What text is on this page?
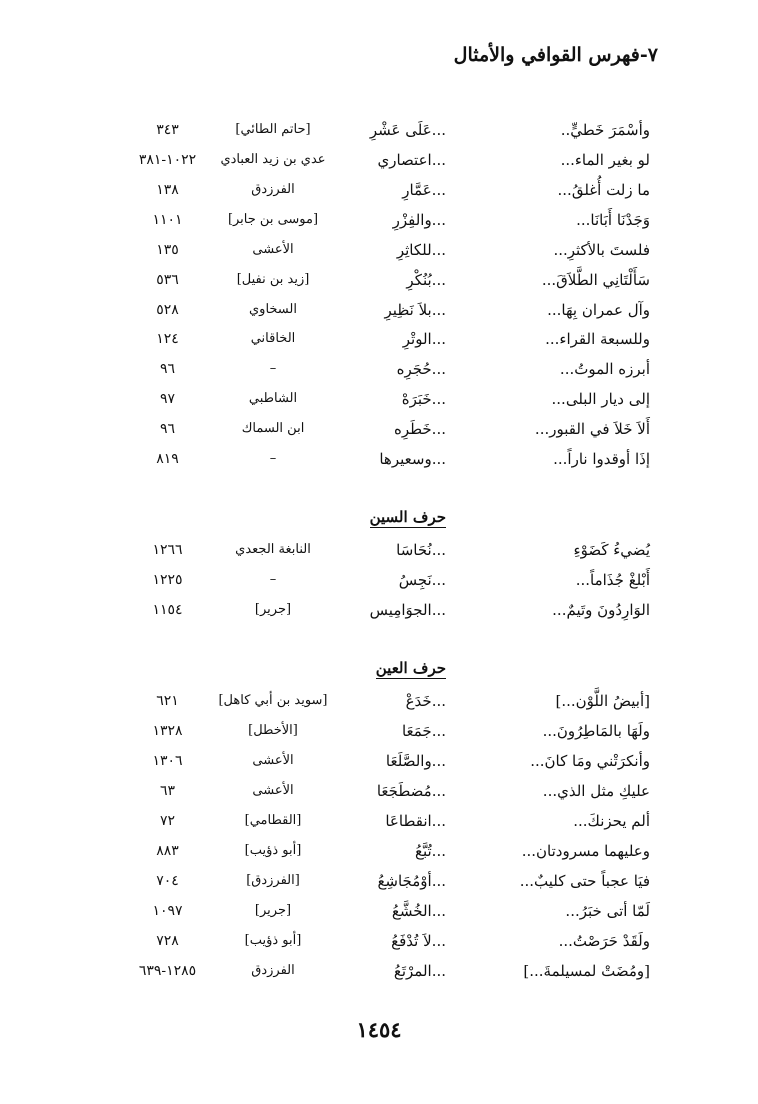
٧-فهرس القوافي والأمثال
وأسْمَرَ خَطيٍّ..
...عَلَى عَشْرِ
[حاتم الطائي]
٣٤٣
لو بغير الماء...
...اعتصاري
عدي بن زيد العبادي
١٠٢٢-٣٨١
ما زلت أُغلقُ...
...عَمَّارِ
الفرزدق
١٣٨
وَجَدْنَا أَبَانَا...
...والفِزْرِ
[موسى بن جابر]
١١٠١
فلستَ بالأكثرِ...
...للكاثِرِ
الأعشى
١٣٥
سَأَلْتَانِي الطَّلاَقَ...
...بُنُكْرِ
[زيد بن نفيل]
٥٣٦
وآل عمران بِهَا...
...بلاَ نَظِيرِ
السخاوي
٥٢٨
وللسبعة القراء...
...الوتْرِ
الخاقاني
١٢٤
أبرزه الموتُ...
...حُجَرِه
–
٩٦
إلى ديار البلى...
...خَبَرَهْ
الشاطبي
٩٧
أَلاَ خَلاَ في القبور...
...خَطَرِه
ابن السماك
٩٦
إذَا أوقدوا ناراً...
...وسعيرها
–
٨١٩
حرف السين
يُضيءُ كَضَوْءِ
...نُحَاسَا
النابغة الجعدي
١٢٦٦
أَبْلغْ جُذَاماً...
...نَجِسُ
–
١٢٢٥
الوَارِدُونَ وتَيمٌ...
...الجوَامِيس
[جرير]
١١٥٤
حرف العين
[أبيضُ اللَّوْن...]
...خَدَعْ
[سويد بن أبي كاهل]
٦٢١
ولَهَا بالمَاطِرُونَ...
...جَمَعَا
[الأخطل]
١٣٢٨
وأنكرَتْني ومَا كانَ...
...والصَّلَعَا
الأعشى
١٣٠٦
عليكِ مثل الذي...
...مُضطَجَعَا
الأعشى
٦٣
ألم يحزنكَ...
...انقطاعَا
[القطامي]
٧٢
وعليهما مسرودتان...
...تُبَّعُ
[أبو ذؤيب]
٨٨٣
فيَا عجباً حتى كليبٌ...
...أوْمُجَاشِعُ
[الفرزدق]
٧٠٤
لَمّا أتى خبَرُ...
...الخُشَّعُ
[جرير]
١٠٩٧
ولَقَدْ حَرَصْتُ...
...لاَ تُدْفَعُ
[أبو ذؤيب]
٧٢٨
[ومُضَتْ لمسيلمةَ...]
...المرْتَعُ
الفرزدق
١٢٨٥-٦٣٩
١٤٥٤
